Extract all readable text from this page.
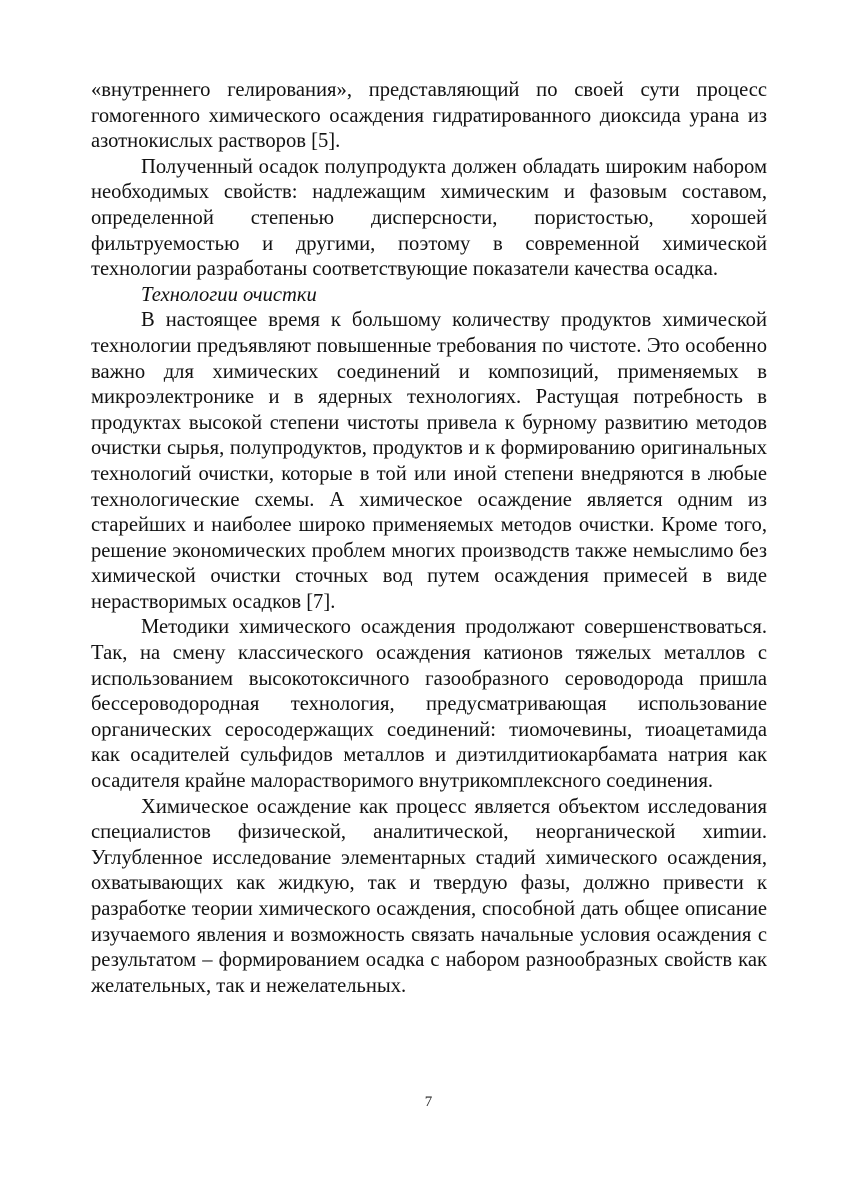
«внутреннего гелирования», представляющий по своей сути процесс гомогенного химического осаждения гидратированного диоксида урана из азотнокислых растворов [5].

Полученный осадок полупродукта должен обладать широким набором необходимых свойств: надлежащим химическим и фазовым составом, определенной степенью дисперсности, пористостью, хорошей фильтруемостью и другими, поэтому в современной химической технологии разработаны соответствующие показатели качества осадка.

Технологии очистки

В настоящее время к большому количеству продуктов химической технологии предъявляют повышенные требования по чистоте. Это особенно важно для химических соединений и композиций, применяемых в микроэлектронике и в ядерных технологиях. Растущая потребность в продуктах высокой степени чистоты привела к бурному развитию методов очистки сырья, полупродуктов, продуктов и к формированию оригинальных технологий очистки, которые в той или иной степени внедряются в любые технологические схемы. А химическое осаждение является одним из старейших и наиболее широко применяемых методов очистки. Кроме того, решение экономических проблем многих производств также немыслимо без химической очистки сточных вод путем осаждения примесей в виде нерастворимых осадков [7].

Методики химического осаждения продолжают совершенствоваться. Так, на смену классического осаждения катионов тяжелых металлов с использованием высокотоксичного газообразного сероводорода пришла бессероводородная технология, предусматривающая использование органических серосодержащих соединений: тиомочевины, тиоацетамида как осадителей сульфидов металлов и диэтилдитиокарбамата натрия как осадителя крайне малорастворимого внутрикомплексного соединения.

Химическое осаждение как процесс является объектом исследования специалистов физической, аналитической, неорганической хиmии. Углубленное исследование элементарных стадий химического осаждения, охватывающих как жидкую, так и твердую фазы, должно привести к разработке теории химического осаждения, способной дать общее описание изучаемого явления и возможность связать начальные условия осаждения с результатом – формированием осадка с набором разнообразных свойств как желательных, так и нежелательных.

7
